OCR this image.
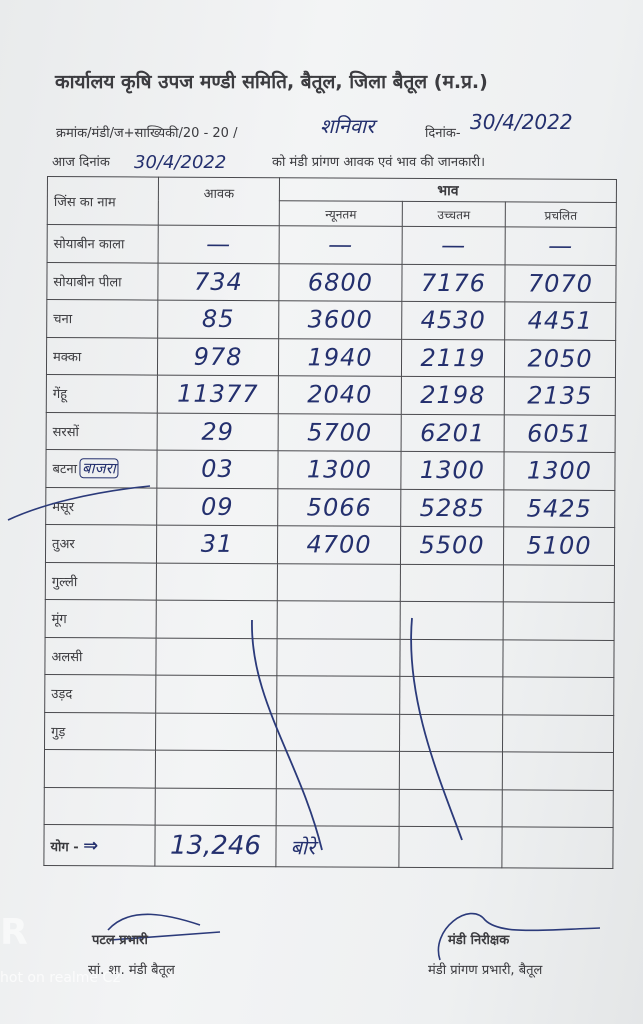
कार्यालय कृषि उपज मण्डी समिति, बैतूल, जिला बैतूल (म.प्र.)
क्रमांक/मंडी/ज+साख्यिकी/20 - 20 /	शनिवार	दिनांक- 30/4/2022
आज दिनांक 30/4/2022	को मंडी प्रांगण आवक एवं भाव की जानकारी।
जिंस का नाम	आवक	भाव		
		न्यूनतम	उच्चतम	प्रचलित
सोयाबीन काला	—	—	—	—
सोयाबीन पीला	734	6800	7176	7070
चना	85	3600	4530	4451
मक्का	978	1940	2119	2050
गेंहू	11377	2040	2198	2135
सरसों	29	5700	6201	6051
बटना बाजरा	03	1300	1300	1300
मसूर	09	5066	5285	5425
तुअर	31	4700	5500	5100
गुल्ली				
मूंग				
अलसी				
उड़द				
गुड़				

योग - ⇒	13,246	बोरे		
पटल प्रभारी
सां. शा. मंडी बैतूल
मंडी निरीक्षक
मंडी प्रांगण प्रभारी, बैतूल
R
hot on realme C2
